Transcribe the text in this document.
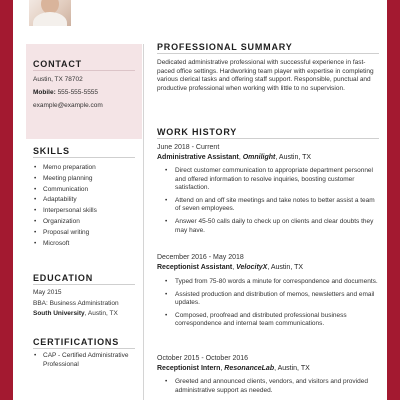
CONTACT
Austin, TX 78702
Mobile: 555-555-5555
example@example.com
SKILLS
• Memo preparation
• Meeting planning
• Communication
• Adaptability
• Interpersonal skills
• Organization
• Proposal writing
• Microsoft
EDUCATION
May 2015
BBA: Business Administration
South University, Austin, TX
CERTIFICATIONS
• CAP - Certified Administrative Professional
PROFESSIONAL SUMMARY
Dedicated administrative professional with successful experience in fast-paced office settings. Hardworking team player with expertise in completing various clerical tasks and offering staff support. Responsible, punctual and productive professional when working with little to no supervision.
WORK HISTORY
June 2018 - Current
Administrative Assistant, Omnilight, Austin, TX
• Direct customer communication to appropriate department personnel and offered information to resolve inquiries, boosting customer satisfaction.
• Attend on and off site meetings and take notes to better assist a team of seven employees.
• Answer 45-50 calls daily to check up on clients and clear doubts they may have.
December 2016 - May 2018
Receptionist Assistant, VelocityX, Austin, TX
• Typed from 75-80 words a minute for correspondence and documents.
• Assisted production and distribution of memos, newsletters and email updates.
• Composed, proofread and distributed professional business correspondence and internal team communications.
October 2015 - October 2016
Receptionist Intern, ResonanceLab, Austin, TX
• Greeted and announced clients, vendors, and visitors and provided administrative support as needed.
